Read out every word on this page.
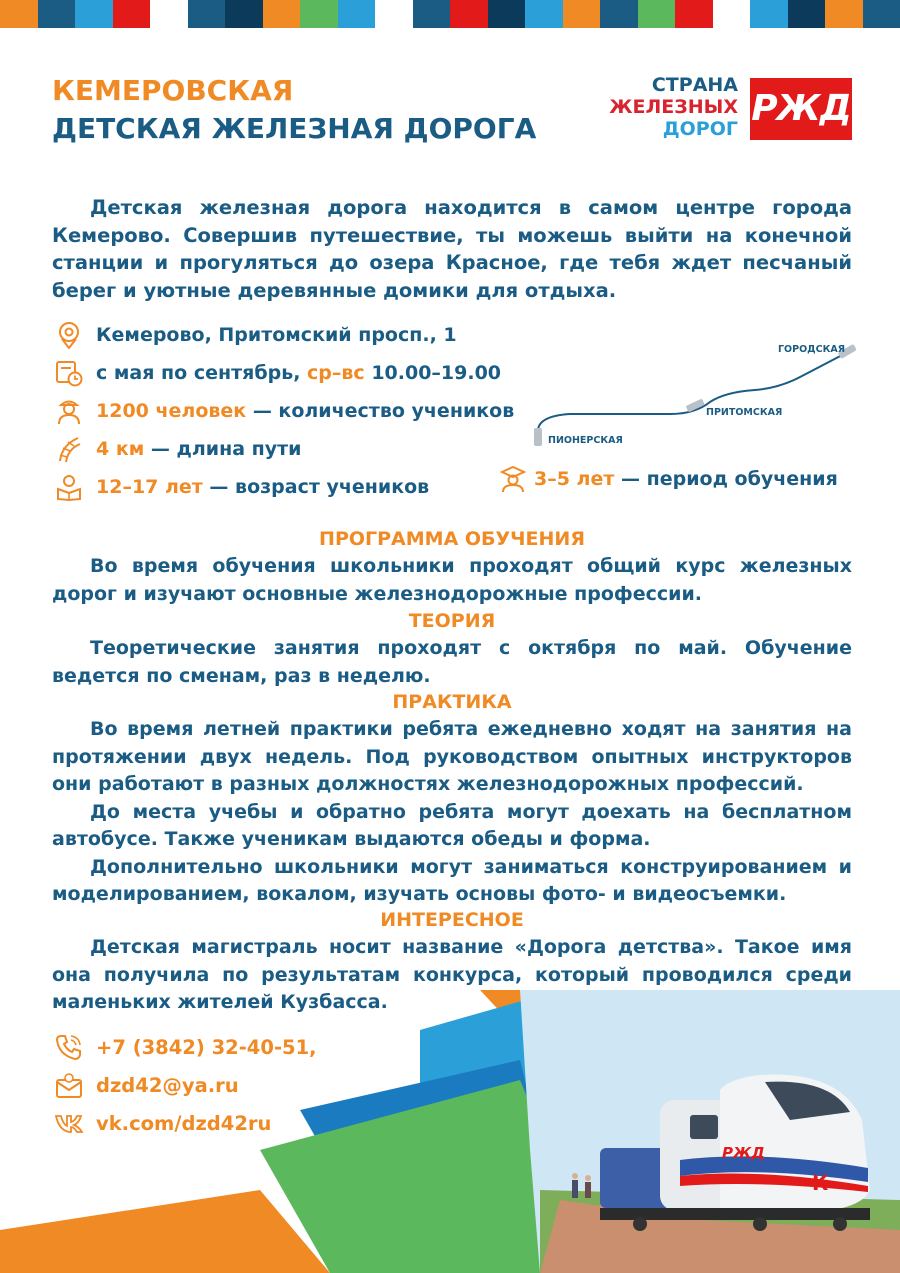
КЕМЕРОВСКАЯ
ДЕТСКАЯ ЖЕЛЕЗНАЯ ДОРОГА
СТРАНА
ЖЕЛЕЗНЫХ
ДОРОГ РЖД

Детская железная дорога находится в самом центре города Кемерово. Совершив путешествие, ты можешь выйти на конечной станции и прогуляться до озера Красное, где тебя ждет песчаный берег и уютные деревянные домики для отдыха.

Кемерово, Притомский просп., 1
с мая по сентябрь, ср–вс 10.00–19.00
1200 человек — количество учеников
4 км — длина пути
12–17 лет — возраст учеников	3–5 лет — период обучения
ПИОНЕРСКАЯ
ПРИТОМСКАЯ
ГОРОДСКАЯ
ПРОГРАММА ОБУЧЕНИЯ

Во время обучения школьники проходят общий курс железных дорог и изучают основные железнодорожные профессии.

ТЕОРИЯ

Теоретические занятия проходят с октября по май. Обучение ведется по сменам, раз в неделю.

ПРАКТИКА

Во время летней практики ребята ежедневно ходят на занятия на протяжении двух недель. Под руководством опытных инструкторов они работают в разных должностях железнодорожных профессий.

До места учебы и обратно ребята могут доехать на бесплатном автобусе. Также ученикам выдаются обеды и форма.

Дополнительно школьники могут заниматься конструированием и моделированием, вокалом, изучать основы фото- и видеосъемки.

ИНТЕРЕСНОЕ

Детская магистраль носит название «Дорога детства». Такое имя она получила по результатам конкурса, который проводился среди маленьких жителей Кузбасса.

РЖД
К
+7 (3842) 32-40-51,
dzd42@ya.ru
vk.com/dzd42ru
